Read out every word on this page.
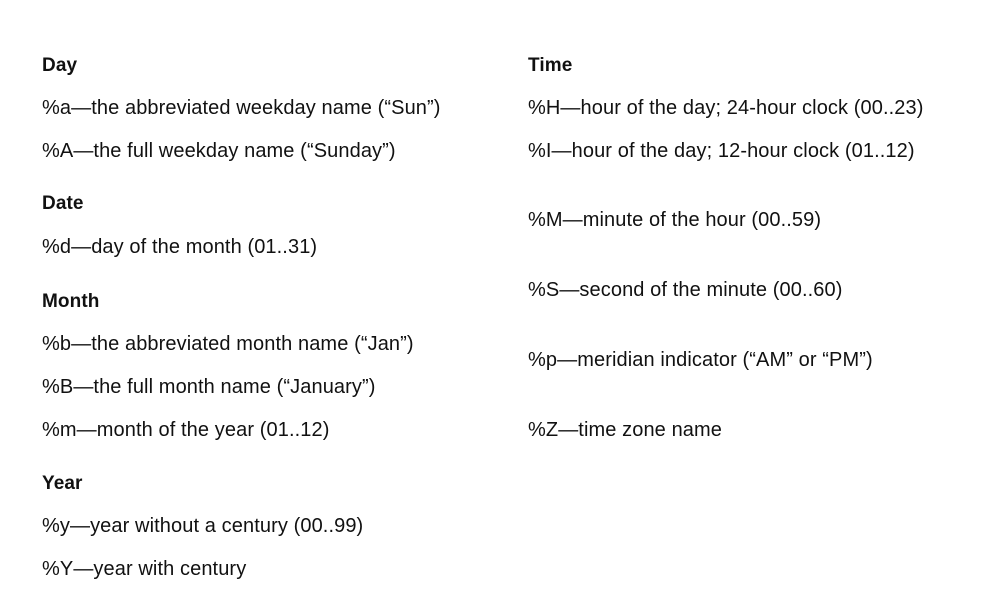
Day
%a—the abbreviated weekday name (“Sun”)
%A—the full weekday name (“Sunday”)
Date
%d—day of the month (01..31)
Month
%b—the abbreviated month name (“Jan”)
%B—the full month name (“January”)
%m—month of the year (01..12)
Year
%y—year without a century (00..99)
%Y—year with century
Time
%H—hour of the day; 24-hour clock (00..23)
%I—hour of the day; 12-hour clock (01..12)
%M—minute of the hour (00..59)
%S—second of the minute (00..60)
%p—meridian indicator (“AM” or “PM”)
%Z—time zone name
